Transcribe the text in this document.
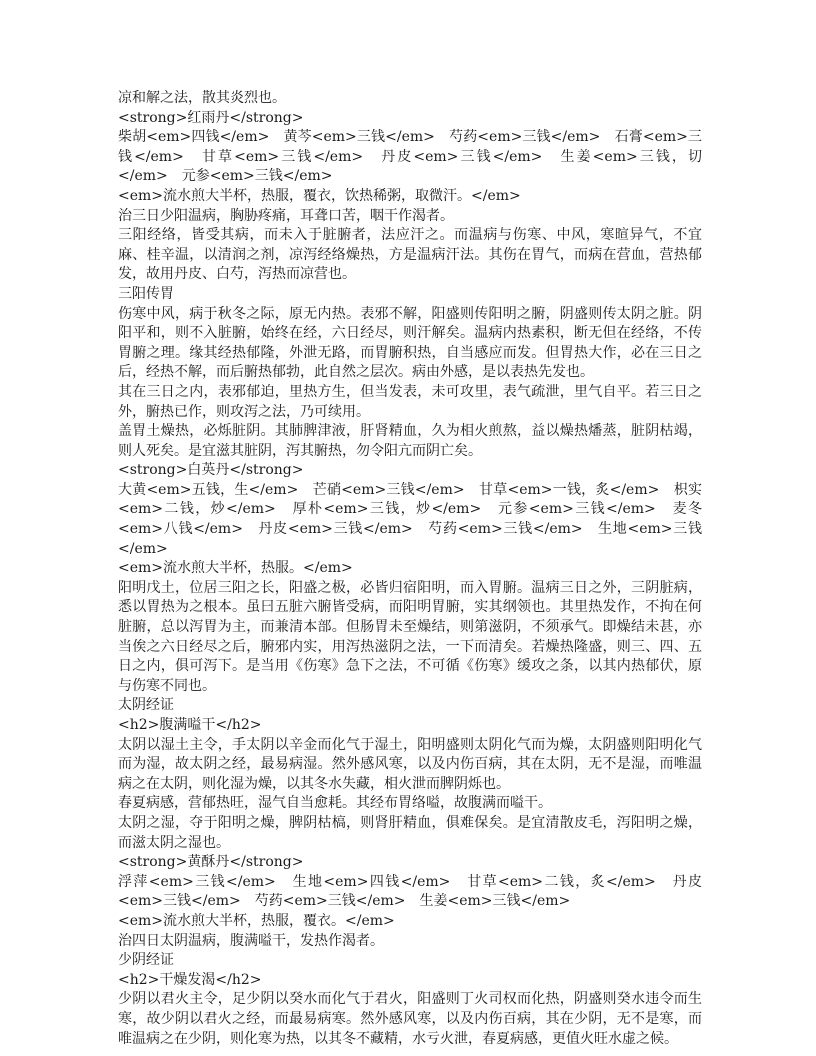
凉和解之法，散其炎烈也。

<strong>红雨丹</strong>

柴胡<em>四钱</em>　黄芩<em>三钱</em>　芍药<em>三钱</em>　石膏<em>三钱</em>　甘草<em>三钱</em>　丹皮<em>三钱</em>　生姜<em>三钱，切</em>　元参<em>三钱</em>

<em>流水煎大半杯，热服，覆衣，饮热稀粥，取微汗。</em>

治三日少阳温病，胸胁疼痛，耳聋口苦，咽干作渴者。

三阳经络，皆受其病，而未入于脏腑者，法应汗之。而温病与伤寒、中风，寒暄异气，不宜麻、桂辛温，以清润之剂，凉泻经络燥热，方是温病汗法。其伤在胃气，而病在营血，营热郁发，故用丹皮、白芍，泻热而凉营也。

三阳传胃

伤寒中风，病于秋冬之际，原无内热。表邪不解，阳盛则传阳明之腑，阴盛则传太阴之脏。阴阳平和，则不入脏腑，始终在经，六日经尽，则汗解矣。温病内热素积，断无但在经络，不传胃腑之理。缘其经热郁隆，外泄无路，而胃腑积热，自当感应而发。但胃热大作，必在三日之后，经热不解，而后腑热郁勃，此自然之层次。病由外感，是以表热先发也。

其在三日之内，表邪郁迫，里热方生，但当发表，未可攻里，表气疏泄，里气自平。若三日之外，腑热已作，则攻泻之法，乃可续用。

盖胃土燥热，必烁脏阴。其肺脾津液，肝肾精血，久为相火煎熬，益以燥热燔蒸，脏阴枯竭，则人死矣。是宜滋其脏阴，泻其腑热，勿令阳亢而阴亡矣。

<strong>白英丹</strong>

大黄<em>五钱，生</em>　芒硝<em>三钱</em>　甘草<em>一钱，炙</em>　枳实<em>二钱，炒</em>　厚朴<em>三钱，炒</em>　元参<em>三钱</em>　麦冬<em>八钱</em>　丹皮<em>三钱</em>　芍药<em>三钱</em>　生地<em>三钱</em>

<em>流水煎大半杯，热服。</em>

阳明戊土，位居三阳之长，阳盛之极，必皆归宿阳明，而入胃腑。温病三日之外，三阴脏病，悉以胃热为之根本。虽曰五脏六腑皆受病，而阳明胃腑，实其纲领也。其里热发作，不拘在何脏腑，总以泻胃为主，而兼清本部。但肠胃未至燥结，则第滋阴，不须承气。即燥结未甚，亦当俟之六日经尽之后，腑邪内实，用泻热滋阴之法，一下而清矣。若燥热隆盛，则三、四、五日之内，俱可泻下。是当用《伤寒》急下之法，不可循《伤寒》缓攻之条，以其内热郁伏，原与伤寒不同也。

太阴经证

<h2>腹满嗌干</h2>

太阴以湿土主令，手太阴以辛金而化气于湿土，阳明盛则太阴化气而为燥，太阴盛则阳明化气而为湿，故太阴之经，最易病湿。然外感风寒，以及内伤百病，其在太阴，无不是湿，而唯温病之在太阴，则化湿为燥，以其冬水失藏，相火泄而脾阴烁也。

春夏病感，营郁热旺，湿气自当愈耗。其经布胃络嗌，故腹满而嗌干。

太阴之湿，夺于阳明之燥，脾阴枯槁，则肾肝精血，俱难保矣。是宜清散皮毛，泻阳明之燥，而滋太阴之湿也。

<strong>黄酥丹</strong>

浮萍<em>三钱</em>　生地<em>四钱</em>　甘草<em>二钱，炙</em>　丹皮<em>三钱</em>　芍药<em>三钱</em>　生姜<em>三钱</em>

<em>流水煎大半杯，热服，覆衣。</em>

治四日太阴温病，腹满嗌干，发热作渴者。

少阴经证

<h2>干燥发渴</h2>

少阴以君火主令，足少阴以癸水而化气于君火，阳盛则丁火司权而化热，阴盛则癸水违令而生寒，故少阴以君火之经，而最易病寒。然外感风寒，以及内伤百病，其在少阴，无不是寒，而唯温病之在少阴，则化寒为热，以其冬不藏精，水亏火泄，春夏病感，更值火旺水虚之候。
